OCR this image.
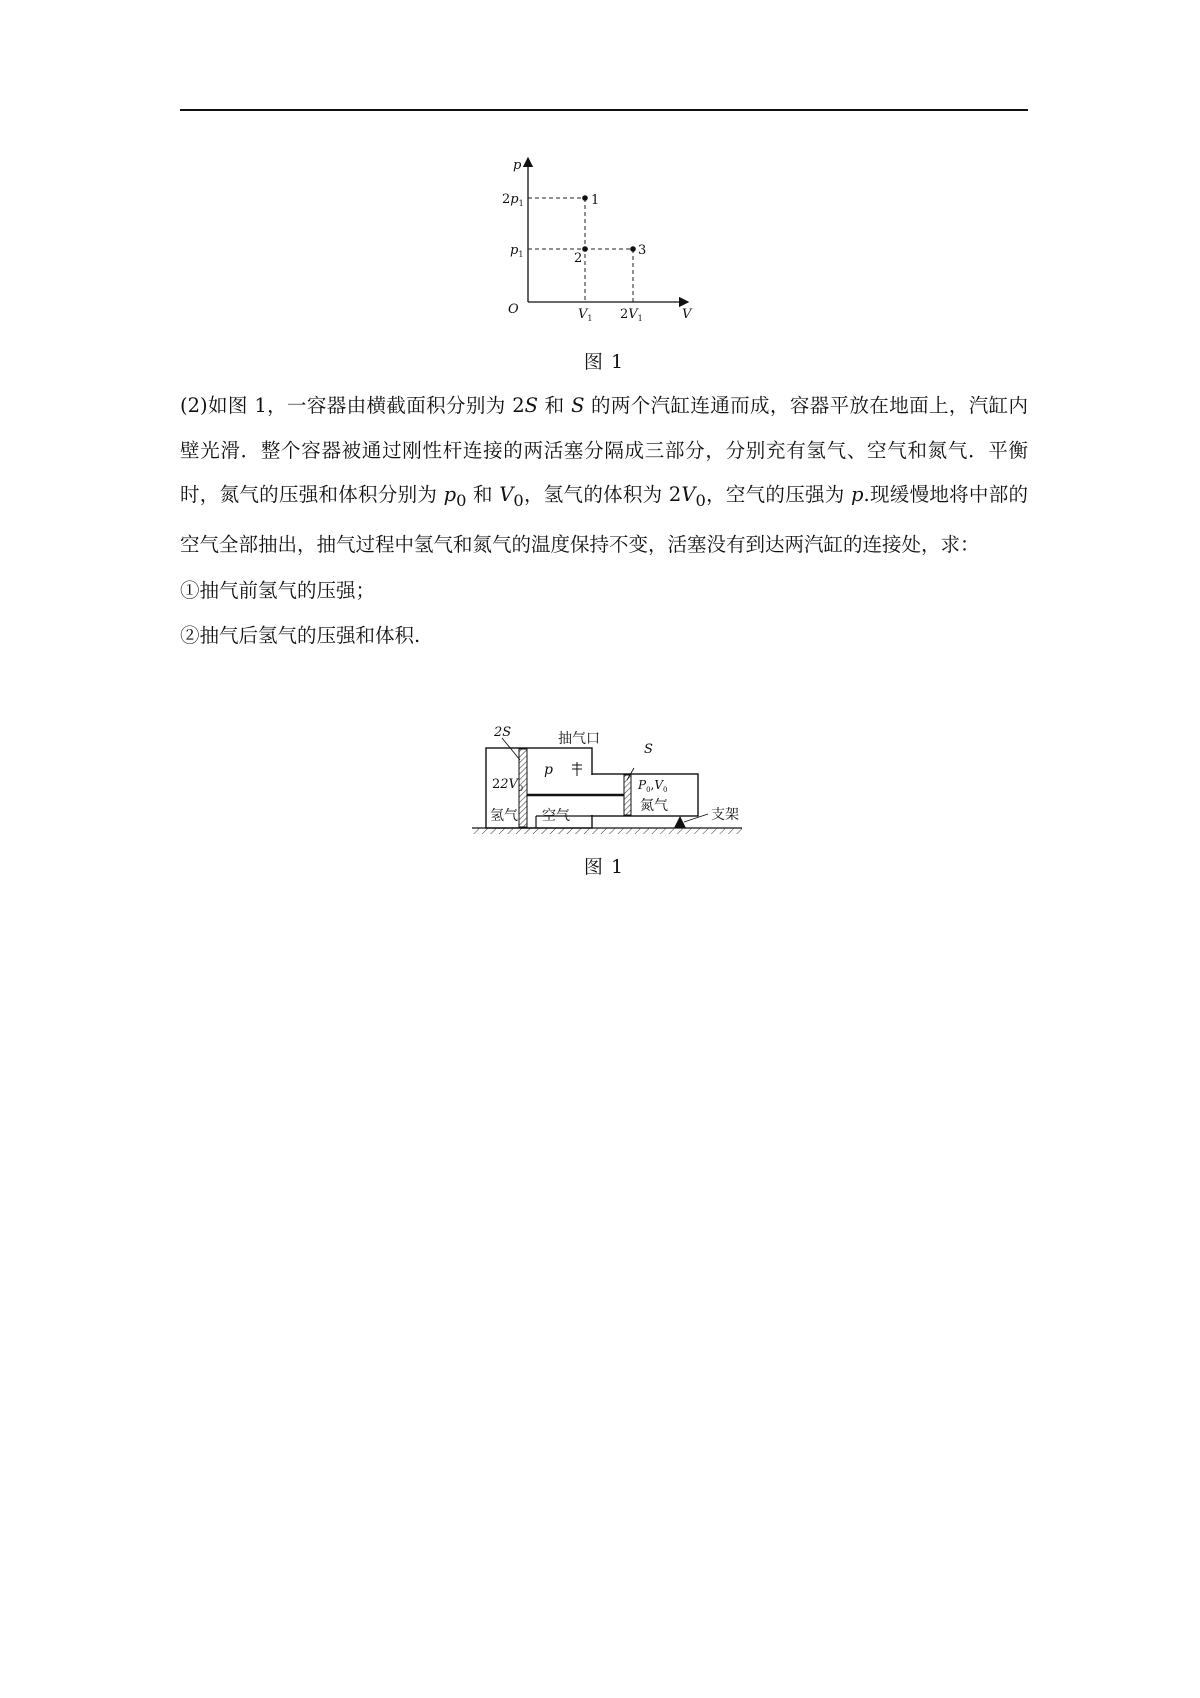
p
V
O
$2p_1$
$p_1$
$V_1$ $2V_1$
1
2
3
图 1

(2)如图 1，一容器由横截面积分别为 2S 和 S 的两个汽缸连通而成，容器平放在地面上，汽缸内壁光滑．整个容器被通过刚性杆连接的两活塞分隔成三部分，分别充有氢气、空气和氮气．平衡时，氮气的压强和体积分别为 $p_0$ 和 $V_0$，氢气的体积为 $2V_0$，空气的压强为 p.现缓慢地将中部的空气全部抽出，抽气过程中氢气和氮气的温度保持不变，活塞没有到达两汽缸的连接处，求：

①抽气前氢气的压强；

②抽气后氢气的压强和体积.

2S	抽气口
S
$22V_0$
p
$P_0,V_0$
氢气 空气
氮气
支架
图 1
